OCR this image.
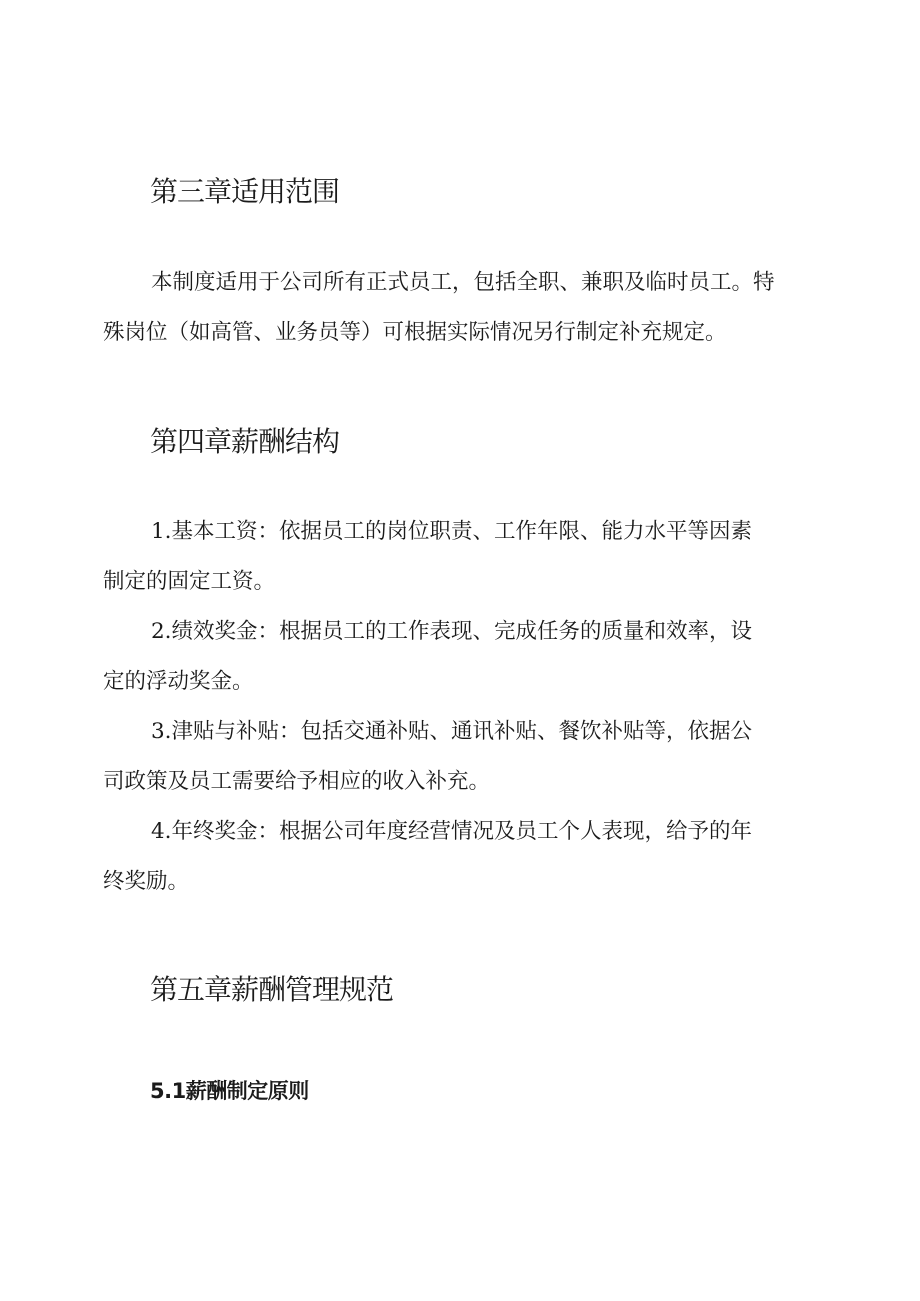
第三章适用范围

本制度适用于公司所有正式员工，包括全职、兼职及临时员工。特
殊岗位（如高管、业务员等）可根据实际情况另行制定补充规定。

第四章薪酬结构

1.基本工资：依据员工的岗位职责、工作年限、能力水平等因素
制定的固定工资。

2.绩效奖金：根据员工的工作表现、完成任务的质量和效率，设
定的浮动奖金。

3.津贴与补贴：包括交通补贴、通讯补贴、餐饮补贴等，依据公
司政策及员工需要给予相应的收入补充。

4.年终奖金：根据公司年度经营情况及员工个人表现，给予的年
终奖励。

第五章薪酬管理规范
5.1薪酬制定原则
